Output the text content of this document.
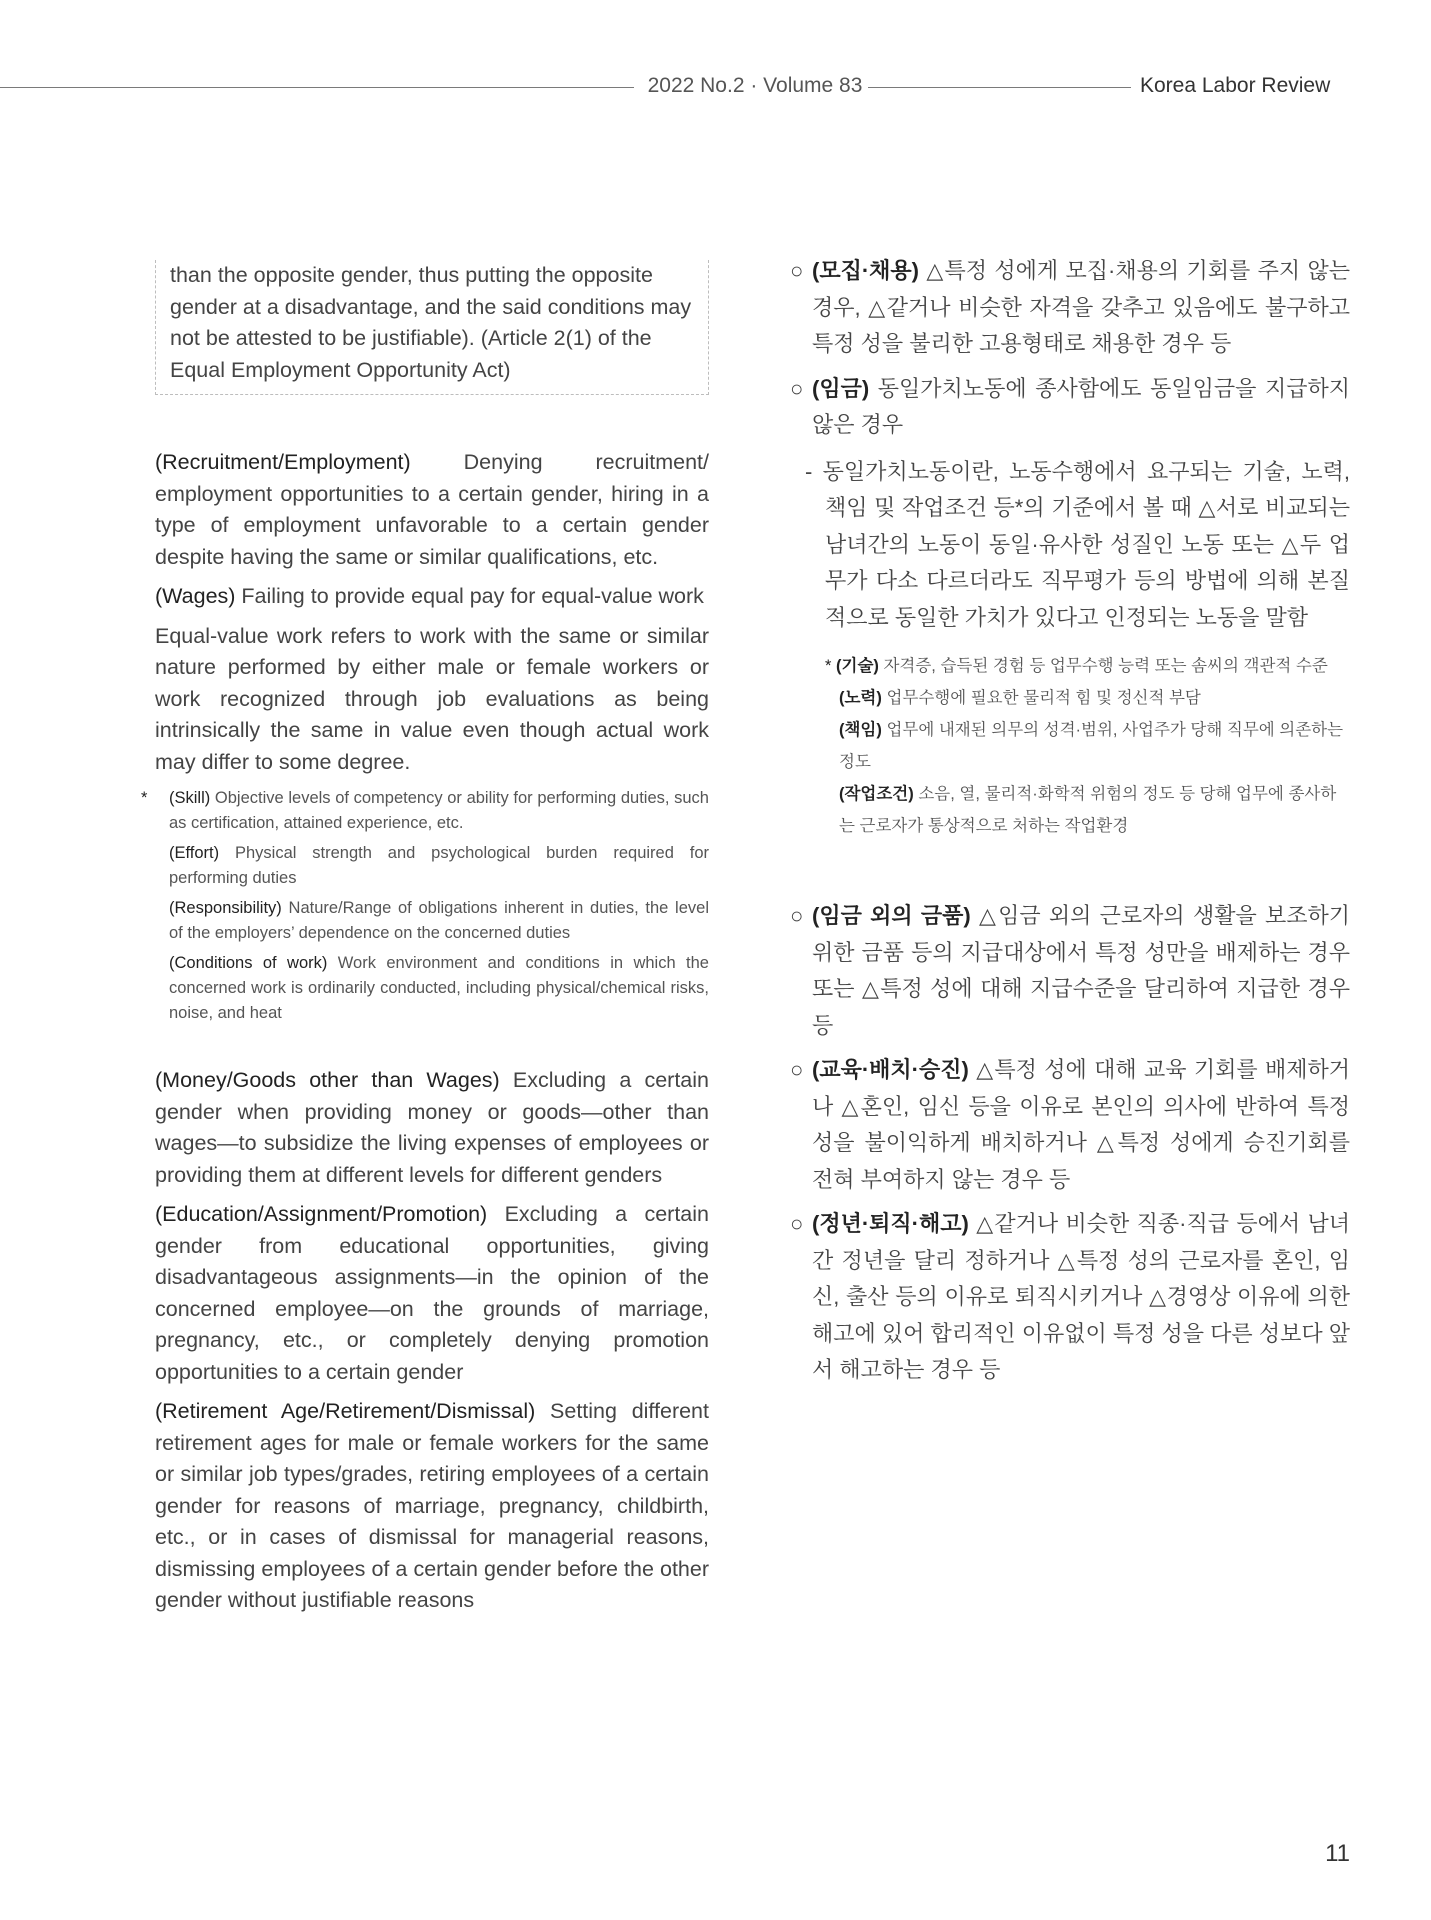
2022 No.2 · Volume 83	Korea Labor Review
than the opposite gender, thus putting the opposite gender at a disadvantage, and the said conditions may not be attested to be justifiable). (Article 2(1) of the Equal Employment Opportunity Act)

(Recruitment/Employment) Denying recruitment/ employment opportunities to a certain gender, hiring in a type of employment unfavorable to a certain gender despite having the same or similar qualifications, etc.

(Wages) Failing to provide equal pay for equal-value work

Equal-value work refers to work with the same or similar nature performed by either male or female workers or work recognized through job evaluations as being intrinsically the same in value even though actual work may differ to some degree.

* (Skill) Objective levels of competency or ability for performing duties, such as certification, attained experience, etc.

(Effort) Physical strength and psychological burden required for performing duties

(Responsibility) Nature/Range of obligations inherent in duties, the level of the employers’ dependence on the concerned duties

(Conditions of work) Work environment and conditions in which the concerned work is ordinarily conducted, including physical/chemical risks, noise, and heat

(Money/Goods other than Wages) Excluding a certain gender when providing money or goods—other than wages—to subsidize the living expenses of employees or providing them at different levels for different genders

(Education/Assignment/Promotion) Excluding a certain gender from educational opportunities, giving disadvantageous assignments—in the opinion of the concerned employee—on the grounds of marriage, pregnancy, etc., or completely denying promotion opportunities to a certain gender

(Retirement Age/Retirement/Dismissal) Setting different retirement ages for male or female workers for the same or similar job types/grades, retiring employees of a certain gender for reasons of marriage, pregnancy, childbirth, etc., or in cases of dismissal for managerial reasons, dismissing employees of a certain gender before the other gender without justifiable reasons

○ (모집·채용) △특정 성에게 모집·채용의 기회를 주지 않는 경우, △같거나 비슷한 자격을 갖추고 있음에도 불구하고 특정 성을 불리한 고용형태로 채용한 경우 등

○ (임금) 동일가치노동에 종사함에도 동일임금을 지급하지 않은 경우

- 동일가치노동이란, 노동수행에서 요구되는 기술, 노력, 책임 및 작업조건 등*의 기준에서 볼 때 △서로 비교되는 남녀간의 노동이 동일·유사한 성질인 노동 또는 △두 업무가 다소 다르더라도 직무평가 등의 방법에 의해 본질적으로 동일한 가치가 있다고 인정되는 노동을 말함

* (기술) 자격증, 습득된 경험 등 업무수행 능력 또는 솜씨의 객관적 수준

(노력) 업무수행에 필요한 물리적 힘 및 정신적 부담

(책임) 업무에 내재된 의무의 성격·범위, 사업주가 당해 직무에 의존하는 정도

(작업조건) 소음, 열, 물리적·화학적 위험의 정도 등 당해 업무에 종사하는 근로자가 통상적으로 처하는 작업환경

○ (임금 외의 금품) △임금 외의 근로자의 생활을 보조하기 위한 금품 등의 지급대상에서 특정 성만을 배제하는 경우 또는 △특정 성에 대해 지급수준을 달리하여 지급한 경우 등

○ (교육·배치·승진) △특정 성에 대해 교육 기회를 배제하거나 △혼인, 임신 등을 이유로 본인의 의사에 반하여 특정 성을 불이익하게 배치하거나 △특정 성에게 승진기회를 전혀 부여하지 않는 경우 등

○ (정년·퇴직·해고) △같거나 비슷한 직종·직급 등에서 남녀 간 정년을 달리 정하거나 △특정 성의 근로자를 혼인, 임신, 출산 등의 이유로 퇴직시키거나 △경영상 이유에 의한 해고에 있어 합리적인 이유없이 특정 성을 다른 성보다 앞서 해고하는 경우 등

11
